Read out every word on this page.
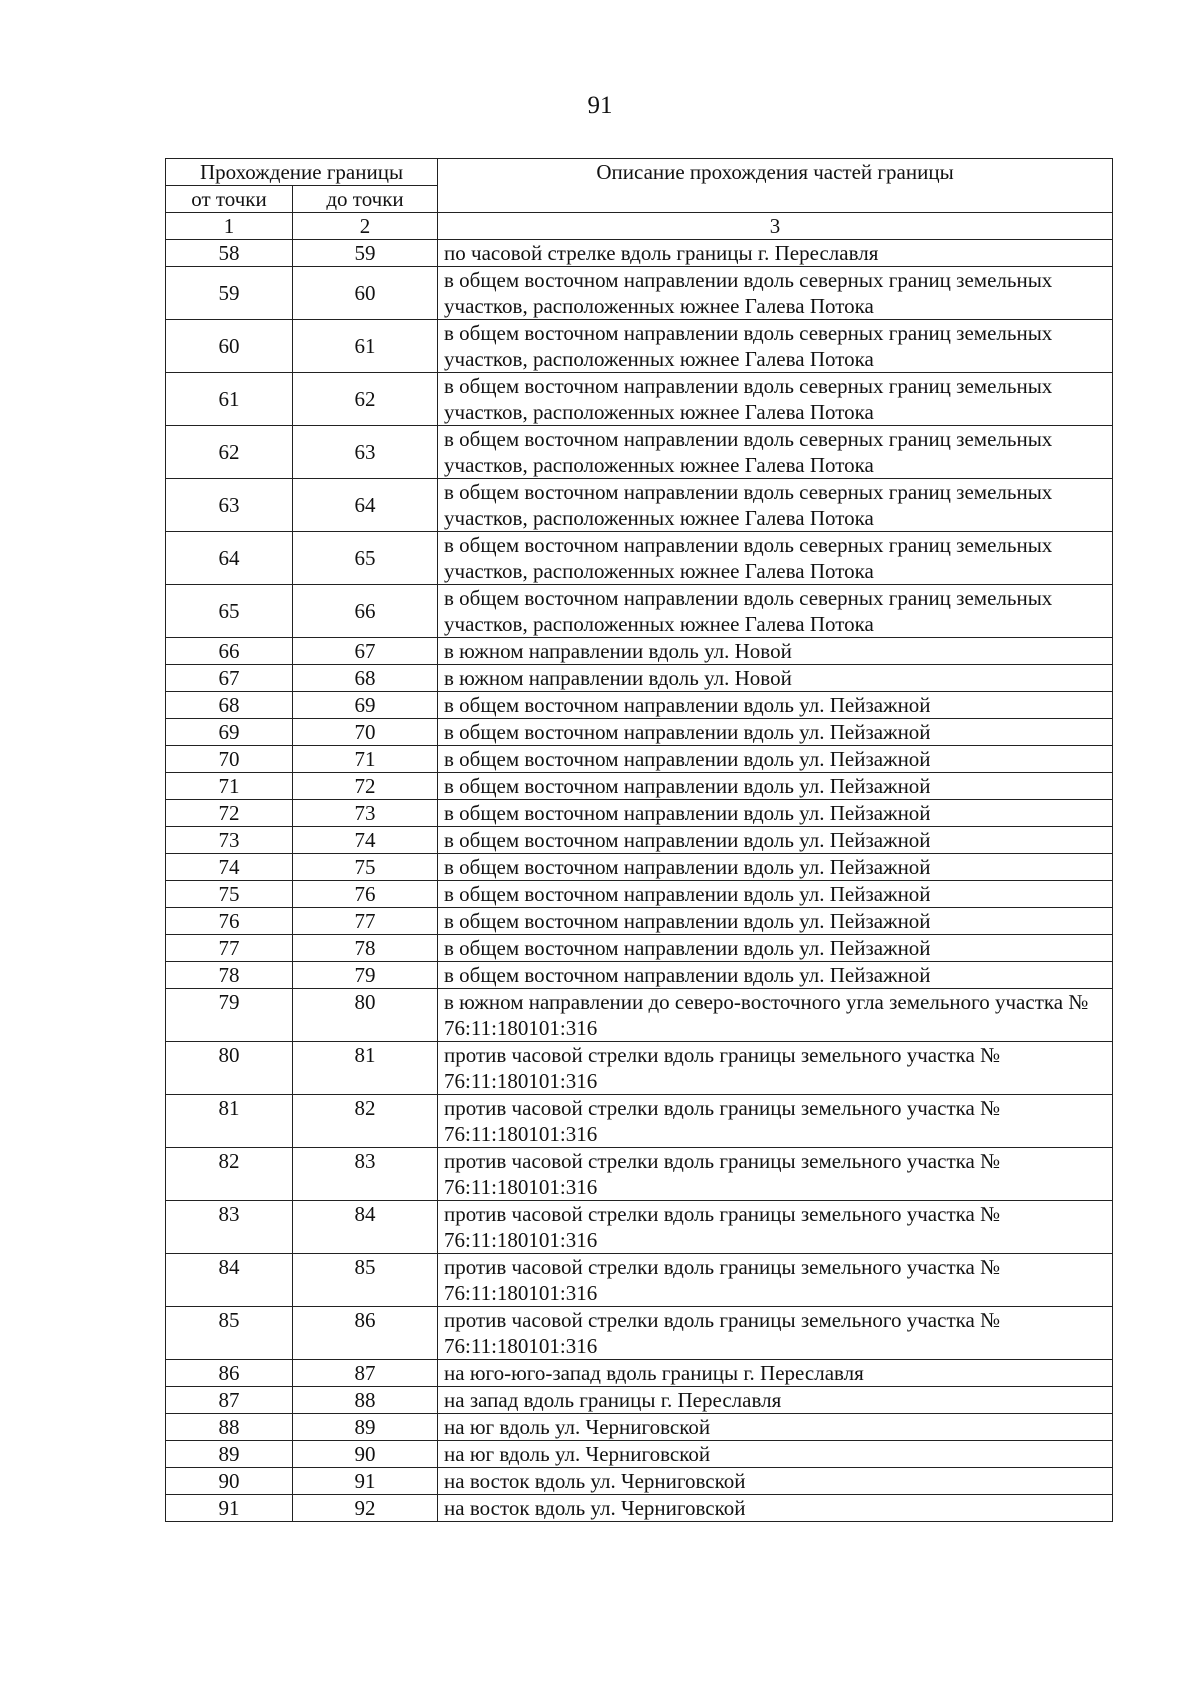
91
Прохождение границы		Описание прохождения частей границы
от точки	до точки	
1	2	3
58	59	по часовой стрелке вдоль границы г. Переславля
59	60	в общем восточном направлении вдоль северных границ земельных участков, расположенных южнее Галева Потока
60	61	в общем восточном направлении вдоль северных границ земельных участков, расположенных южнее Галева Потока
61	62	в общем восточном направлении вдоль северных границ земельных участков, расположенных южнее Галева Потока
62	63	в общем восточном направлении вдоль северных границ земельных участков, расположенных южнее Галева Потока
63	64	в общем восточном направлении вдоль северных границ земельных участков, расположенных южнее Галева Потока
64	65	в общем восточном направлении вдоль северных границ земельных участков, расположенных южнее Галева Потока
65	66	в общем восточном направлении вдоль северных границ земельных участков, расположенных южнее Галева Потока
66	67	в южном направлении вдоль ул. Новой
67	68	в южном направлении вдоль ул. Новой
68	69	в общем восточном направлении вдоль ул. Пейзажной
69	70	в общем восточном направлении вдоль ул. Пейзажной
70	71	в общем восточном направлении вдоль ул. Пейзажной
71	72	в общем восточном направлении вдоль ул. Пейзажной
72	73	в общем восточном направлении вдоль ул. Пейзажной
73	74	в общем восточном направлении вдоль ул. Пейзажной
74	75	в общем восточном направлении вдоль ул. Пейзажной
75	76	в общем восточном направлении вдоль ул. Пейзажной
76	77	в общем восточном направлении вдоль ул. Пейзажной
77	78	в общем восточном направлении вдоль ул. Пейзажной
78	79	в общем восточном направлении вдоль ул. Пейзажной
79	80	в южном направлении до северо-восточного угла земельного участка № 76:11:180101:316
80	81	против часовой стрелки вдоль границы земельного участка № 76:11:180101:316
81	82	против часовой стрелки вдоль границы земельного участка № 76:11:180101:316
82	83	против часовой стрелки вдоль границы земельного участка № 76:11:180101:316
83	84	против часовой стрелки вдоль границы земельного участка № 76:11:180101:316
84	85	против часовой стрелки вдоль границы земельного участка № 76:11:180101:316
85	86	против часовой стрелки вдоль границы земельного участка № 76:11:180101:316
86	87	на юго-юго-запад вдоль границы г. Переславля
87	88	на запад вдоль границы г. Переславля
88	89	на юг вдоль ул. Черниговской
89	90	на юг вдоль ул. Черниговской
90	91	на восток вдоль ул. Черниговской
91	92	на восток вдоль ул. Черниговской
